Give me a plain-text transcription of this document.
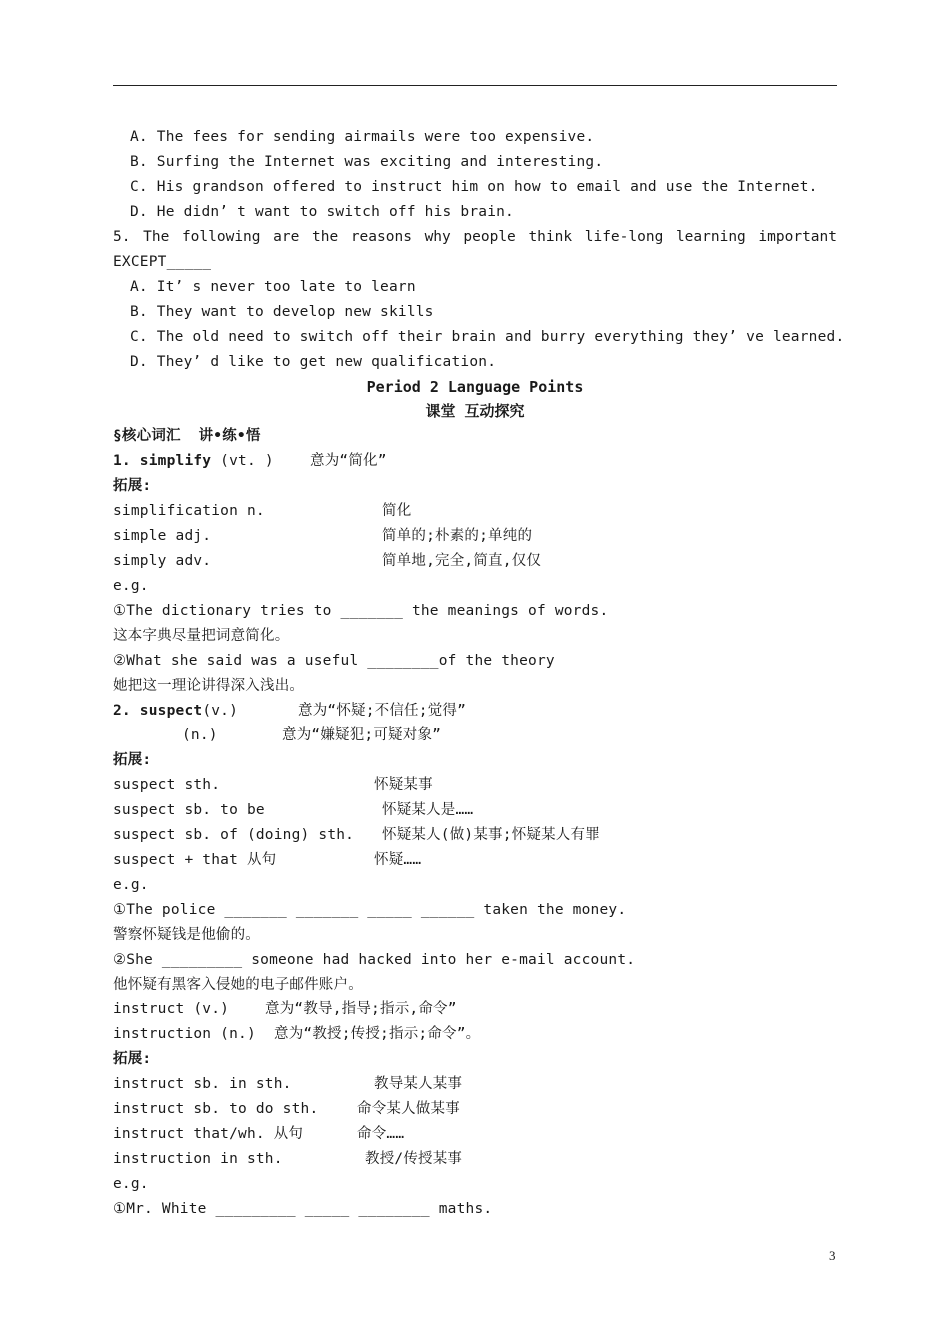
A. The fees for sending airmails were too expensive.
B. Surfing the Internet was exciting and interesting.
C. His grandson offered to instruct him on how to email and use the Internet.
D. He didn’ t want to switch off his brain.
5. The following are the reasons why people think life-long learning important
EXCEPT_____
A. It’ s never too late to learn
B. They want to develop new skills
C. The old need to switch off their brain and burry everything they’ ve learned.
D. They’ d like to get new qualification.
Period 2 Language Points
课堂 互动探究
§核心词汇  讲•练•悟
1. simplify (vt. )	意为“简化”
拓展:
simplification n.	简化
simple adj.	简单的;朴素的;单纯的
simply adv.	简单地,完全,简直,仅仅
e.g.
①The dictionary tries to _______ the meanings of words.
这本字典尽量把词意简化。
②What she said was a useful ________of the theory
她把这一理论讲得深入浅出。
2. suspect(v.)	意为“怀疑;不信任;觉得”
(n.)	意为“嫌疑犯;可疑对象”
拓展:
suspect sth.	怀疑某事
suspect sb. to be	怀疑某人是……
suspect sb. of (doing) sth. 怀疑某人(做)某事;怀疑某人有罪
suspect + that 从句	怀疑……
e.g.
①The police _______ _______ _____ ______ taken the money.
警察怀疑钱是他偷的。
②She _________ someone had hacked into her e-mail account.
他怀疑有黑客入侵她的电子邮件账户。
instruct (v.) 意为“教导,指导;指示,命令”
instruction (n.) 意为“教授;传授;指示;命令”。
拓展:
instruct sb. in sth.	教导某人某事
instruct sb. to do sth.	命令某人做某事
instruct that/wh. 从句	命令……
instruction in sth.	教授/传授某事
e.g.
①Mr. White _________ _____ ________ maths.
3
